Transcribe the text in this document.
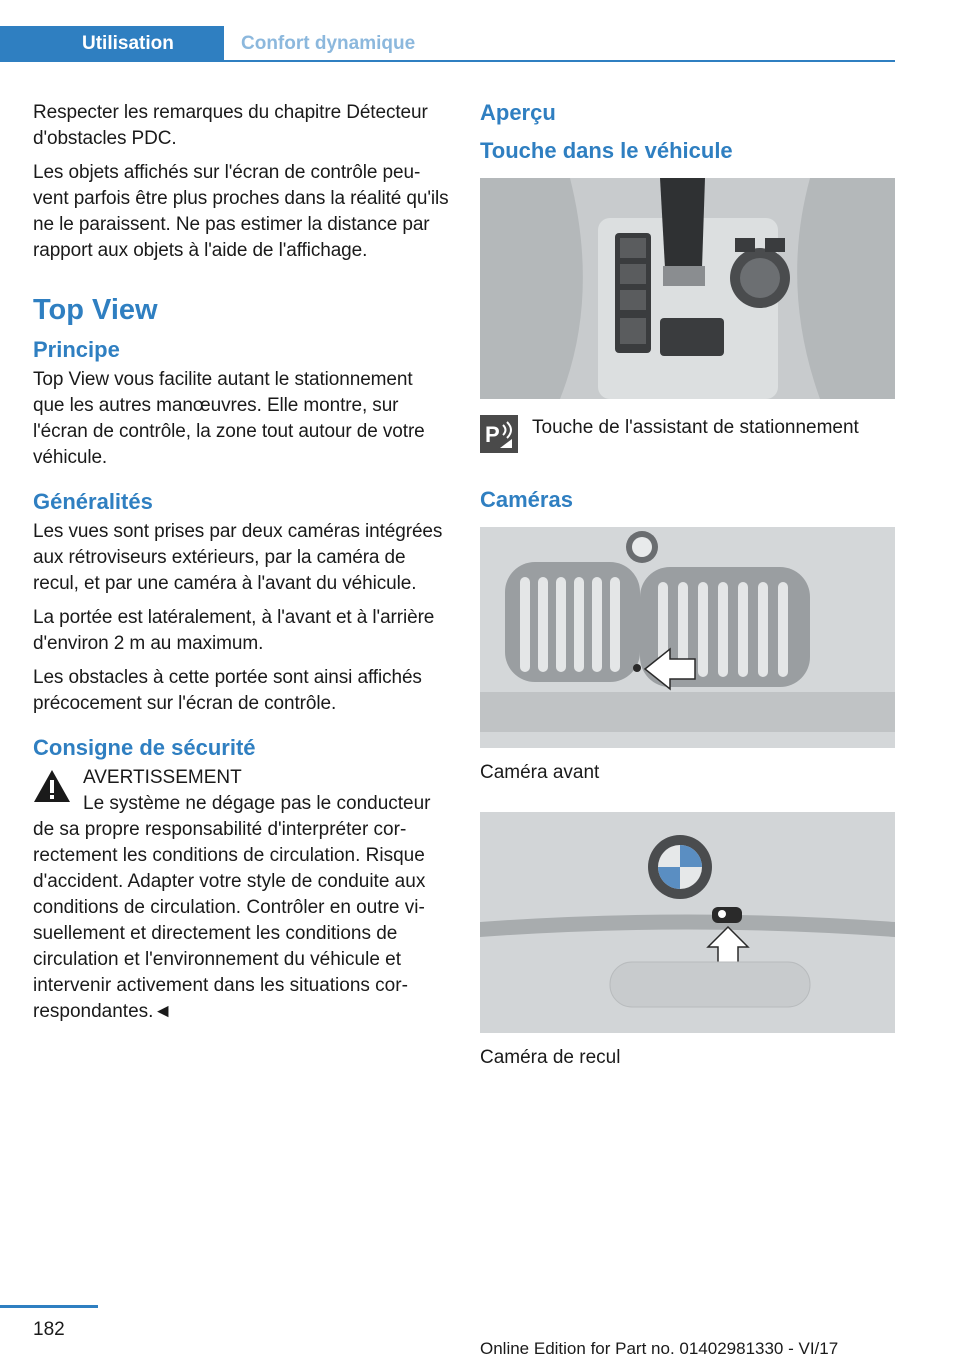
Utilisation	Confort dynamique

Respecter les remarques du chapitre Détecteur d'obstacles PDC.

Les objets affichés sur l'écran de contrôle peuvent parfois être plus proches dans la réalité qu'ils ne le paraissent. Ne pas estimer la distance par rapport aux objets à l'aide de l'affichage.

Top View
Principe

Top View vous facilite autant le stationnement que les autres manœuvres. Elle montre, sur l'écran de contrôle, la zone tout autour de votre véhicule.

Généralités

Les vues sont prises par deux caméras intégrées aux rétroviseurs extérieurs, par la caméra de recul, et par une caméra à l'avant du véhicule.

La portée est latéralement, à l'avant et à l'arrière d'environ 2 m au maximum.

Les obstacles à cette portée sont ainsi affichés précocement sur l'écran de contrôle.

Consigne de sécurité
AVERTISSEMENT
Le système ne dégage pas le conducteur de sa propre responsabilité d'interpréter correctement les conditions de circulation. Risque d'accident. Adapter votre style de conduite aux conditions de circulation. Contrôler en outre visuellement et directement les conditions de circulation et l'environnement du véhicule et intervenir activement dans les situations correspondantes.◄
Aperçu
Touche dans le véhicule
P Touche de l'assistant de stationnement
Caméras
Caméra avant
Caméra de recul
182
Online Edition for Part no. 01402981330 - VI/17
